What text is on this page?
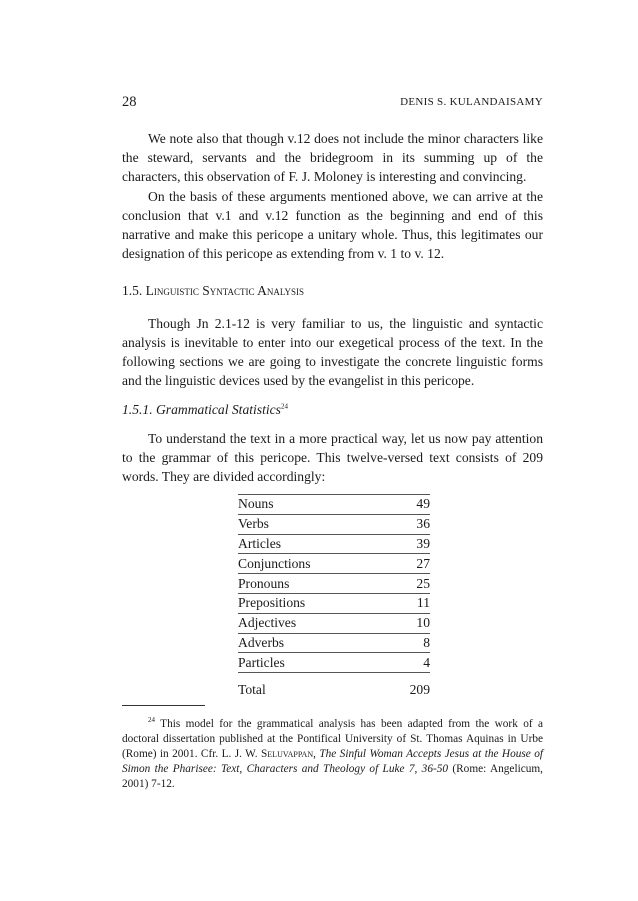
28	DENIS S. KULANDAISAMY

We note also that though v.12 does not include the minor characters like the steward, servants and the bridegroom in its summing up of the characters, this observation of F. J. Moloney is interesting and convincing.

On the basis of these arguments mentioned above, we can arrive at the conclusion that v.1 and v.12 function as the beginning and end of this narrative and make this pericope a unitary whole. Thus, this legitimates our designation of this pericope as extending from v. 1 to v. 12.

1.5. Linguistic Syntactic Analysis

Though Jn 2.1-12 is very familiar to us, the linguistic and syntactic analysis is inevitable to enter into our exegetical process of the text. In the following sections we are going to investigate the concrete linguistic forms and the linguistic devices used by the evangelist in this pericope.

1.5.1. Grammatical Statistics$^{24}$

To understand the text in a more practical way, let us now pay attention to the grammar of this pericope. This twelve-versed text consists of 209 words. They are divided accordingly:

Nouns	49
Verbs	36
Articles	39
Conjunctions	27
Pronouns	25
Prepositions	11
Adjectives	10
Adverbs	8
Particles	4
Total	209

$^{24}$ This model for the grammatical analysis has been adapted from the work of a doctoral dissertation published at the Pontifical University of St. Thomas Aquinas in Urbe (Rome) in 2001. Cfr. L. J. W. Seluvappan, The Sinful Woman Accepts Jesus at the House of Simon the Pharisee: Text, Characters and Theology of Luke 7, 36-50 (Rome: Angelicum, 2001) 7-12.
